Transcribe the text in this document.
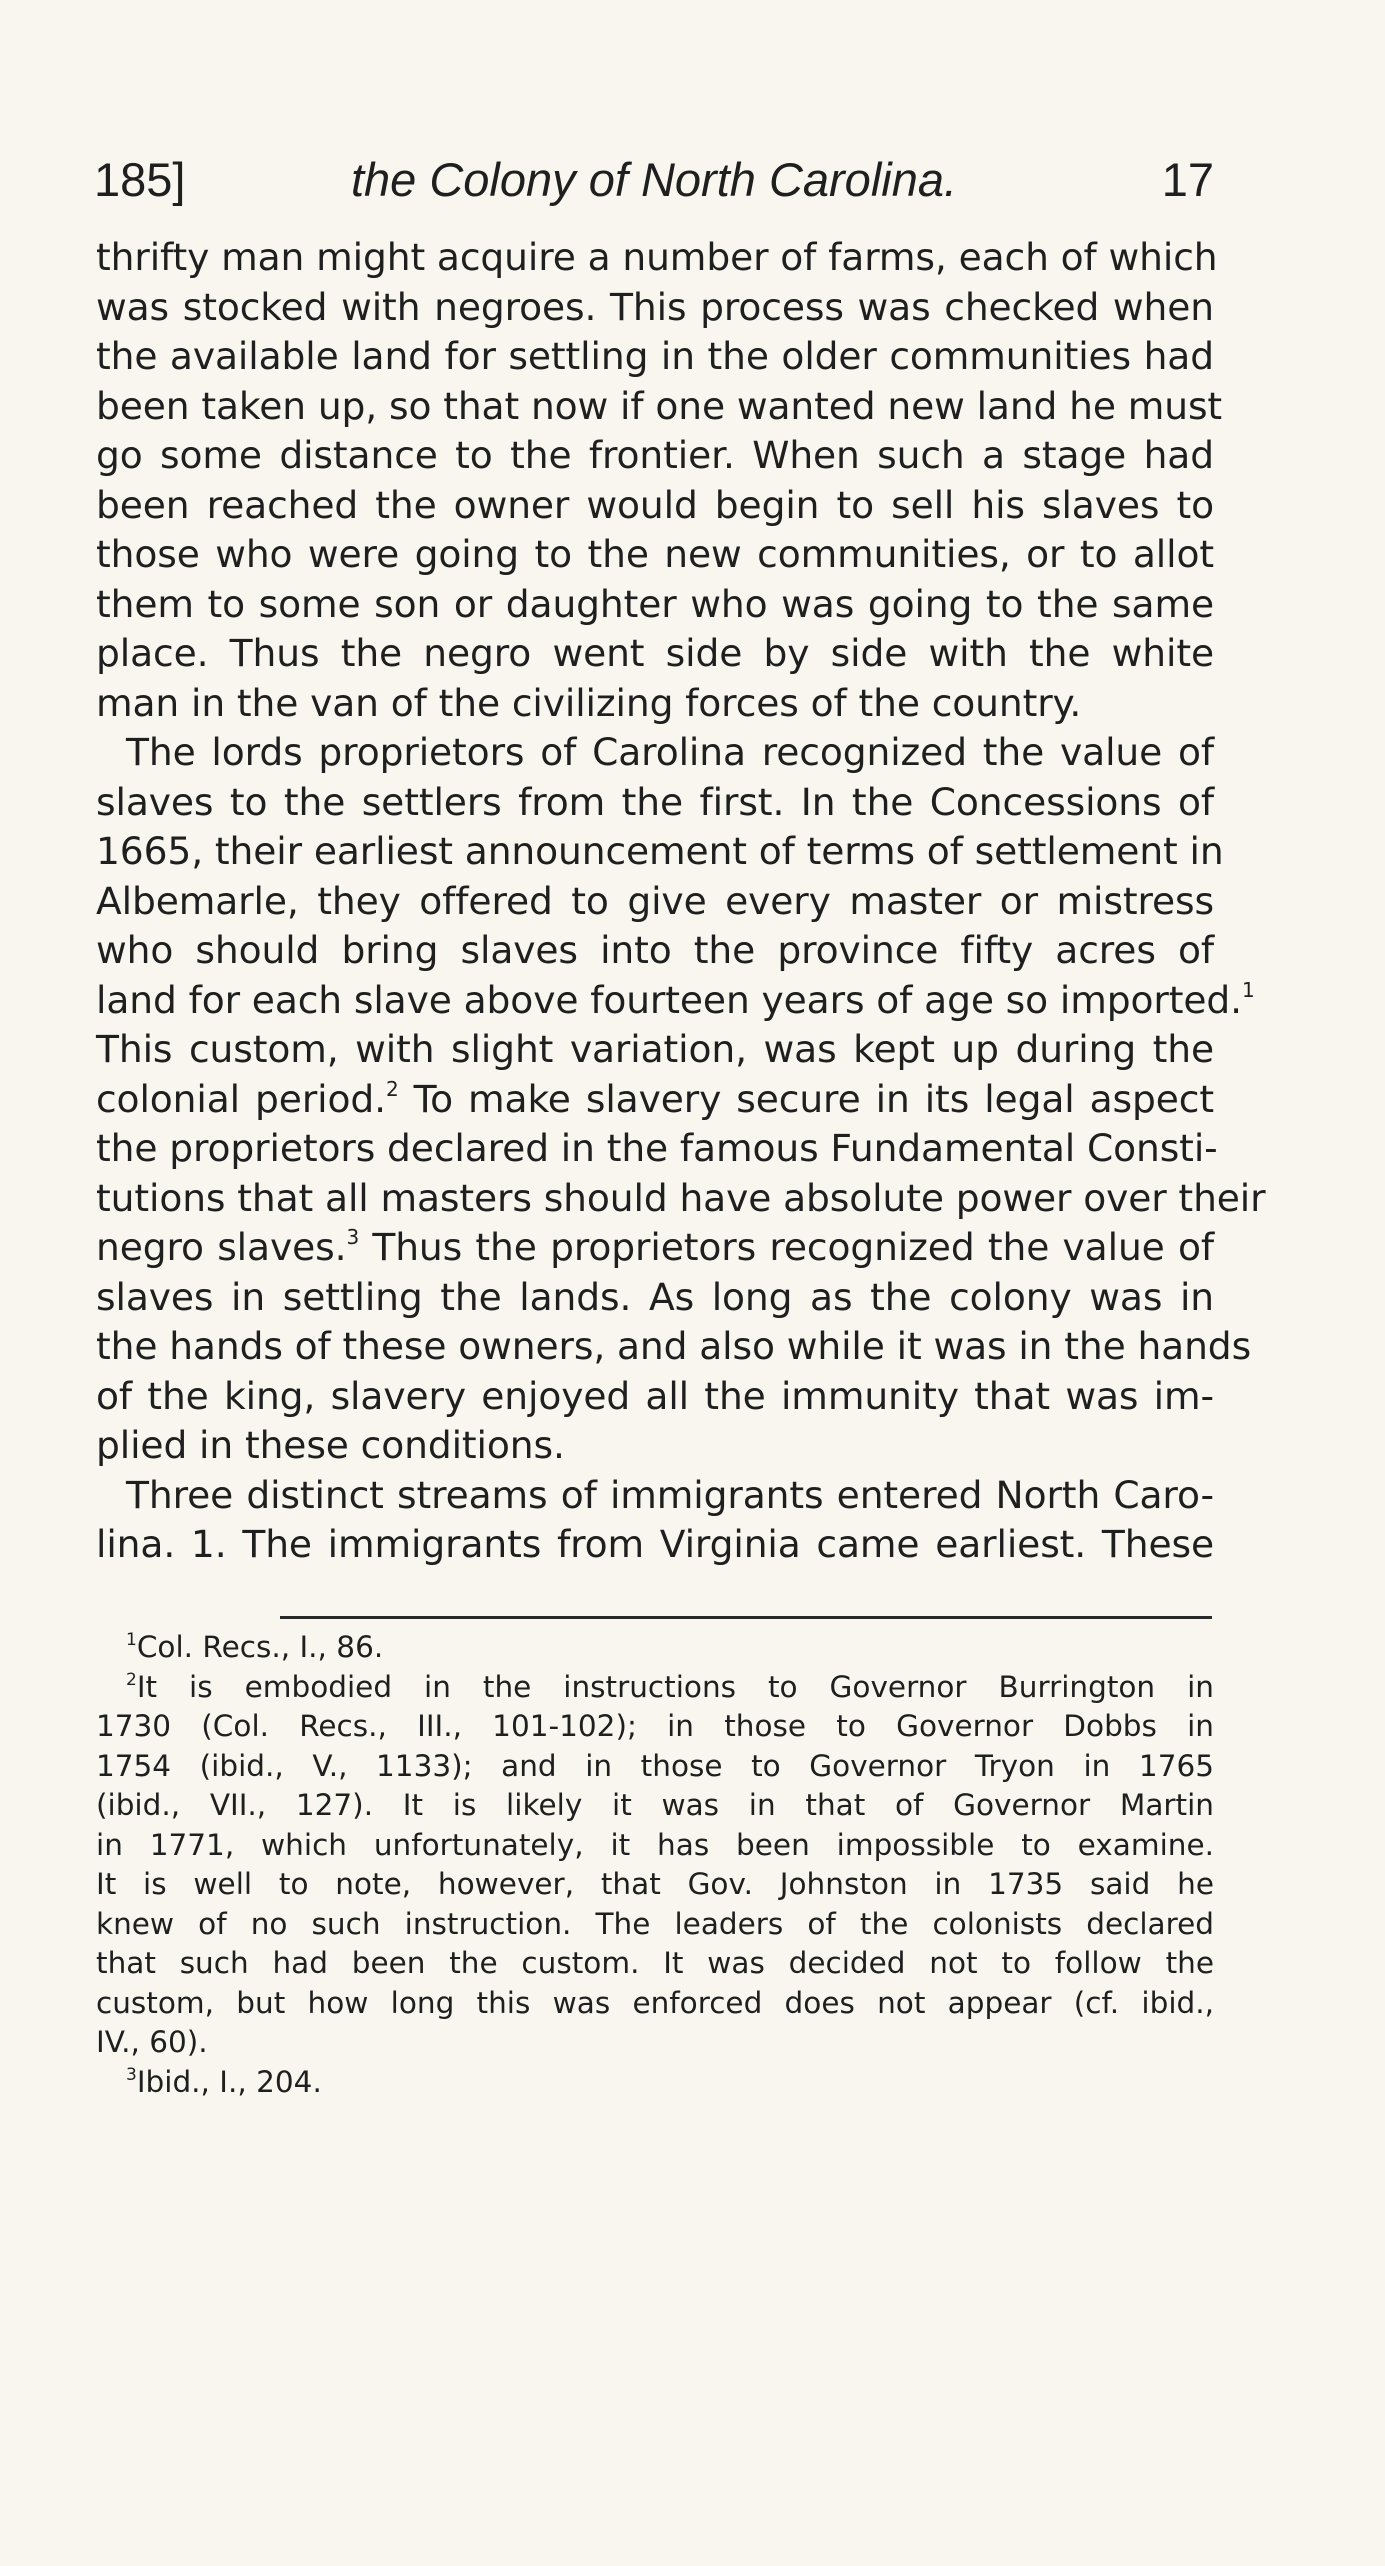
185]	the Colony of North Carolina.	17
thrifty man might acquire a number of farms, each of which
was stocked with negroes. This process was checked when
the available land for settling in the older communities had
been taken up, so that now if one wanted new land he must
go some distance to the frontier. When such a stage had
been reached the owner would begin to sell his slaves to
those who were going to the new communities, or to allot
them to some son or daughter who was going to the same
place. Thus the negro went side by side with the white
man in the van of the civilizing forces of the country.
The lords proprietors of Carolina recognized the value of
slaves to the settlers from the first. In the Concessions of
1665, their earliest announcement of terms of settlement in
Albemarle, they offered to give every master or mistress
who should bring slaves into the province fifty acres of
land for each slave above fourteen years of age so imported.$^1$
This custom, with slight variation, was kept up during the
colonial period.$^2$ To make slavery secure in its legal aspect
the proprietors declared in the famous Fundamental Consti-
tutions that all masters should have absolute power over their
negro slaves.$^3$ Thus the proprietors recognized the value of
slaves in settling the lands. As long as the colony was in
the hands of these owners, and also while it was in the hands
of the king, slavery enjoyed all the immunity that was im-
plied in these conditions.
Three distinct streams of immigrants entered North Caro-
lina. 1. The immigrants from Virginia came earliest. These
$^1$Col. Recs., I., 86.
$^2$It is embodied in the instructions to Governor Burrington in
1730 (Col. Recs., III., 101-102); in those to Governor Dobbs in
1754 (ibid., V., 1133); and in those to Governor Tryon in 1765
(ibid., VII., 127). It is likely it was in that of Governor Martin
in 1771, which unfortunately, it has been impossible to examine.
It is well to note, however, that Gov. Johnston in 1735 said he
knew of no such instruction. The leaders of the colonists declared
that such had been the custom. It was decided not to follow the
custom, but how long this was enforced does not appear (cf. ibid.,
IV., 60).
$^3$Ibid., I., 204.
